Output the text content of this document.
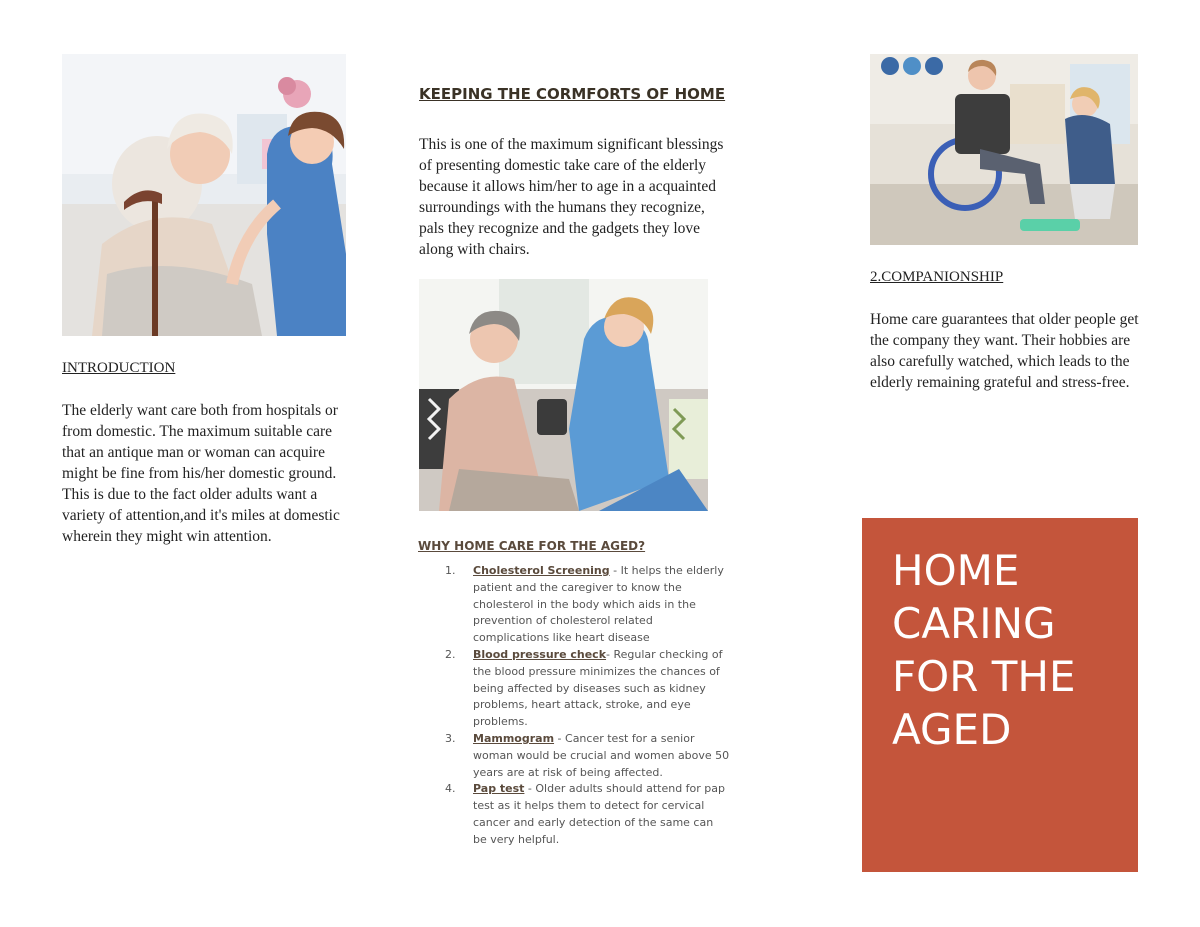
INTRODUCTION
The elderly want care both from hospitals or from domestic. The maximum suitable care that an antique man or woman can acquire might be fine from his/her domestic ground. This is due to the fact older adults want a variety of attention,and it's miles at domestic wherein they might win attention.
KEEPING THE CORMFORTS OF HOME
This is one of the maximum significant blessings of presenting domestic take care of the elderly because it allows him/her to age in a acquainted surroundings with the humans they recognize, pals they recognize and the gadgets they love along with chairs.
WHY HOME CARE FOR THE AGED?
1. Cholesterol Screening - It helps the elderly patient and the caregiver to know the cholesterol in the body which aids in the prevention of cholesterol related complications like heart disease
2. Blood pressure check- Regular checking of the blood pressure minimizes the chances of being affected by diseases such as kidney problems, heart attack, stroke, and eye problems.
3. Mammogram - Cancer test for a senior woman would be crucial and women above 50 years are at risk of being affected.
4. Pap test - Older adults should attend for pap test as it helps them to detect for cervical cancer and early detection of the same can be very helpful.
2.COMPANIONSHIP
Home care guarantees that older people get the company they want. Their hobbies are also carefully watched, which leads to the elderly remaining grateful and stress-free.
HOME CARING FOR THE AGED
